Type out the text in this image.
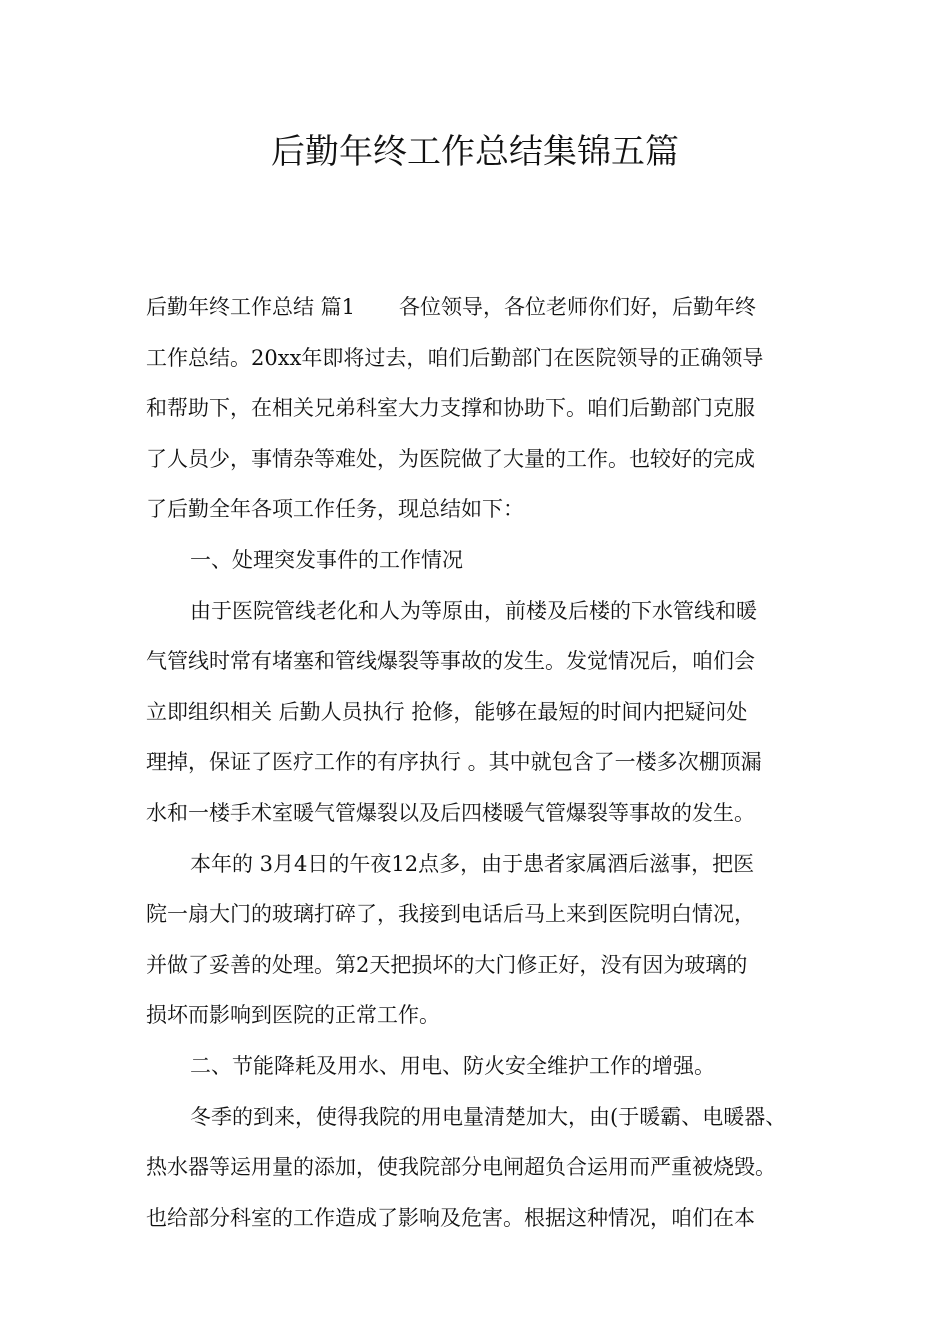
后勤年终工作总结集锦五篇
后勤年终工作总结 篇1 各位领导，各位老师你们好，后勤年终
工作总结。20xx年即将过去，咱们后勤部门在医院领导的正确领导
和帮助下，在相关兄弟科室大力支撑和协助下。咱们后勤部门克服
了人员少，事情杂等难处，为医院做了大量的工作。也较好的完成
了后勤全年各项工作任务，现总结如下：
一、处理突发事件的工作情况
由于医院管线老化和人为等原由，前楼及后楼的下水管线和暖
气管线时常有堵塞和管线爆裂等事故的发生。发觉情况后，咱们会
立即组织相关 后勤人员执行 抢修，能够在最短的时间内把疑问处
理掉，保证了医疗工作的有序执行 。其中就包含了一楼多次棚顶漏
水和一楼手术室暖气管爆裂以及后四楼暖气管爆裂等事故的发生。
本年的 3月4日的午夜12点多，由于患者家属酒后滋事，把医
院一扇大门的玻璃打碎了，我接到电话后马上来到医院明白情况，
并做了妥善的处理。第2天把损坏的大门修正好，没有因为玻璃的
损坏而影响到医院的正常工作。
二、节能降耗及用水、用电、防火安全维护工作的增强。
冬季的到来，使得我院的用电量清楚加大，由(于暖霸、电暖器、
热水器等运用量的添加，使我院部分电闸超负合运用而严重被烧毁。
也给部分科室的工作造成了影响及危害。根据这种情况，咱们在本
